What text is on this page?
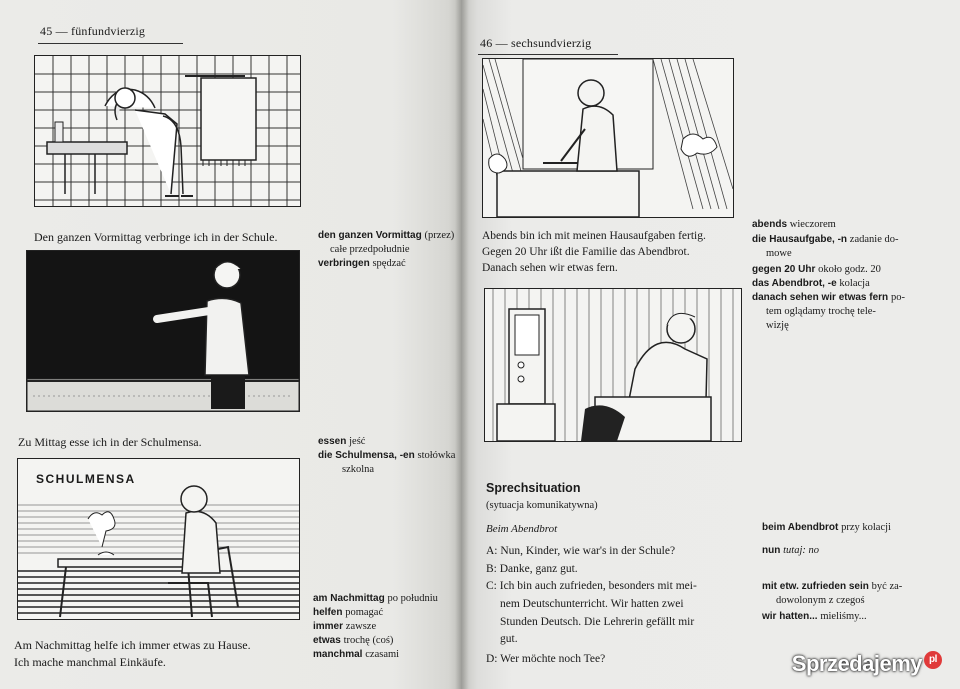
45 — fünfundvierzig
Den ganzen Vormittag verbringe ich in der Schule.	den ganzen Vormittag (przez)
całe przedpołudnie
verbringen spędzać
Zu Mittag esse ich in der Schulmensa.	essen jeść
die Schulmensa, -en stołówka
szkolna
SCHULMENSA
Am Nachmittag helfe ich immer etwas zu Hause.
Ich mache manchmal Einkäufe.
am Nachmittag po południu
helfen pomagać
immer zawsze
etwas trochę (coś)
manchmal czasami
46 — sechsundvierzig
Abends bin ich mit meinen Hausaufgaben fertig.
Gegen 20 Uhr ißt die Familie das Abendbrot.
Danach sehen wir etwas fern.
abends wieczorem
die Hausaufgabe, -n zadanie do-
mowe
gegen 20 Uhr około godz. 20
das Abendbrot, -e kolacja
danach sehen wir etwas fern po-
tem oglądamy trochę tele-
wizję
Sprechsituation
(sytuacja komunikatywna)
Beim Abendbrot
A: Nun, Kinder, wie war's in der Schule?
B: Danke, ganz gut.
C: Ich bin auch zufrieden, besonders mit mei-
nem Deutschunterricht. Wir hatten zwei
Stunden Deutsch. Die Lehrerin gefällt mir
gut.
D: Wer möchte noch Tee?
beim Abendbrot przy kolacji
nun tutaj: no
mit etw. zufrieden sein być za-
dowolonym z czegoś
wir hatten... mieliśmy...
Sprzedajemy pl
